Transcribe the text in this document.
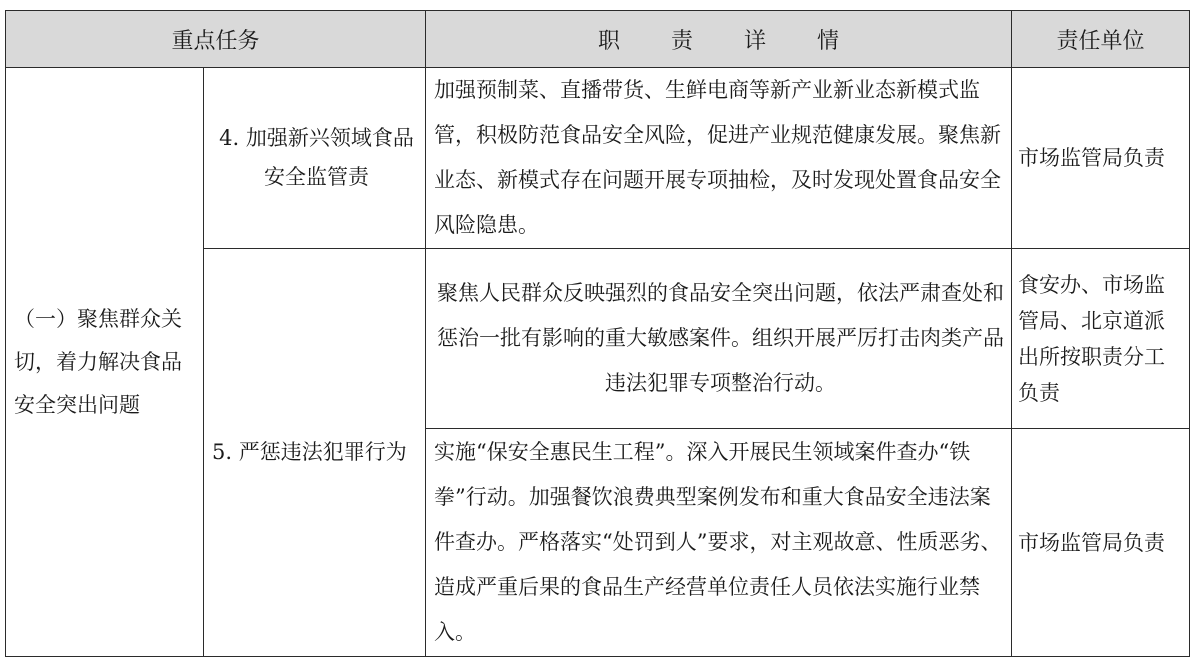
重点任务		职 责 详 情	责任单位
（一）聚焦群众关切，着力解决食品安全突出问题	4. 加强新兴领域食品安全监管责	加强预制菜、直播带货、生鲜电商等新产业新业态新模式监管，积极防范食品安全风险，促进产业规范健康发展。聚焦新业态、新模式存在问题开展专项抽检，及时发现处置食品安全风险隐患。	市场监管局负责
	5. 严惩违法犯罪行为	聚焦人民群众反映强烈的食品安全突出问题，依法严肃查处和惩治一批有影响的重大敏感案件。组织开展严厉打击肉类产品违法犯罪专项整治行动。	食安办、市场监管局、北京道派出所按职责分工负责
		实施“保安全惠民生工程”。深入开展民生领域案件查办“铁拳”行动。加强餐饮浪费典型案例发布和重大食品安全违法案件查办。严格落实“处罚到人”要求，对主观故意、性质恶劣、造成严重后果的食品生产经营单位责任人员依法实施行业禁入。	市场监管局负责
